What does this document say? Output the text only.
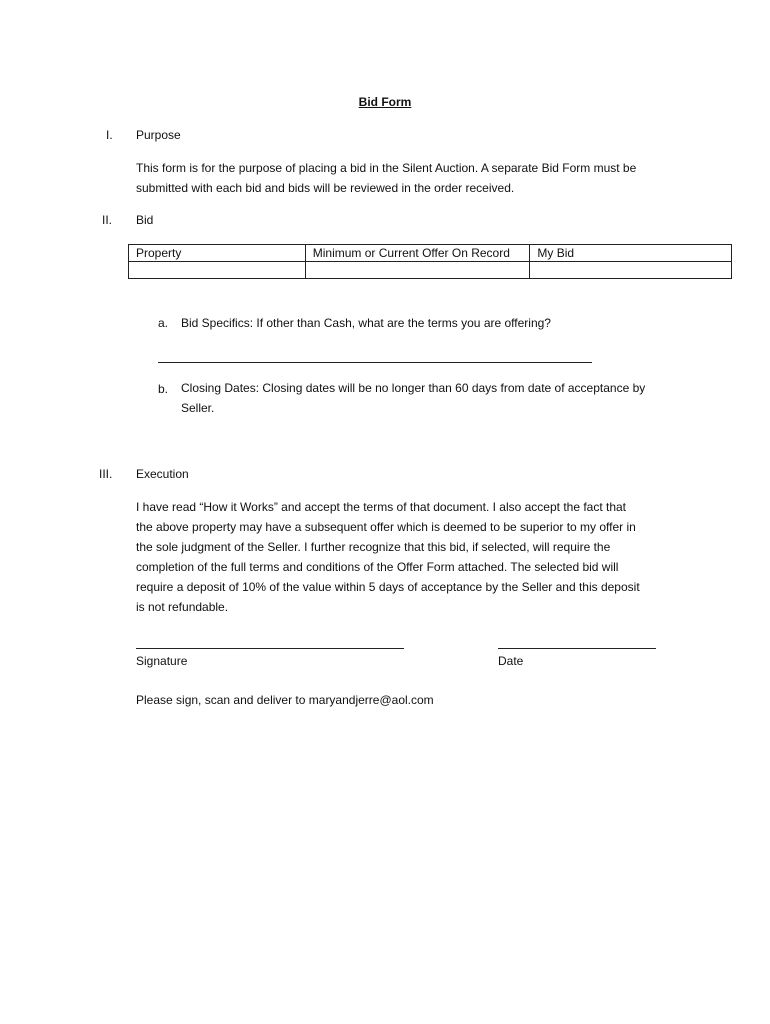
Bid Form
I. Purpose
This form is for the purpose of placing a bid in the Silent Auction. A separate Bid Form must be
submitted with each bid and bids will be reviewed in the order received.
II. Bid
Property	Minimum or Current Offer On Record	My Bid

a. Bid Specifics: If other than Cash, what are the terms you are offering?
b. Closing Dates: Closing dates will be no longer than 60 days from date of acceptance by
Seller.
III. Execution
I have read “How it Works” and accept the terms of that document. I also accept the fact that
the above property may have a subsequent offer which is deemed to be superior to my offer in
the sole judgment of the Seller. I further recognize that this bid, if selected, will require the
completion of the full terms and conditions of the Offer Form attached. The selected bid will
require a deposit of 10% of the value within 5 days of acceptance by the Seller and this deposit
is not refundable.
Signature	Date
Please sign, scan and deliver to maryandjerre@aol.com
